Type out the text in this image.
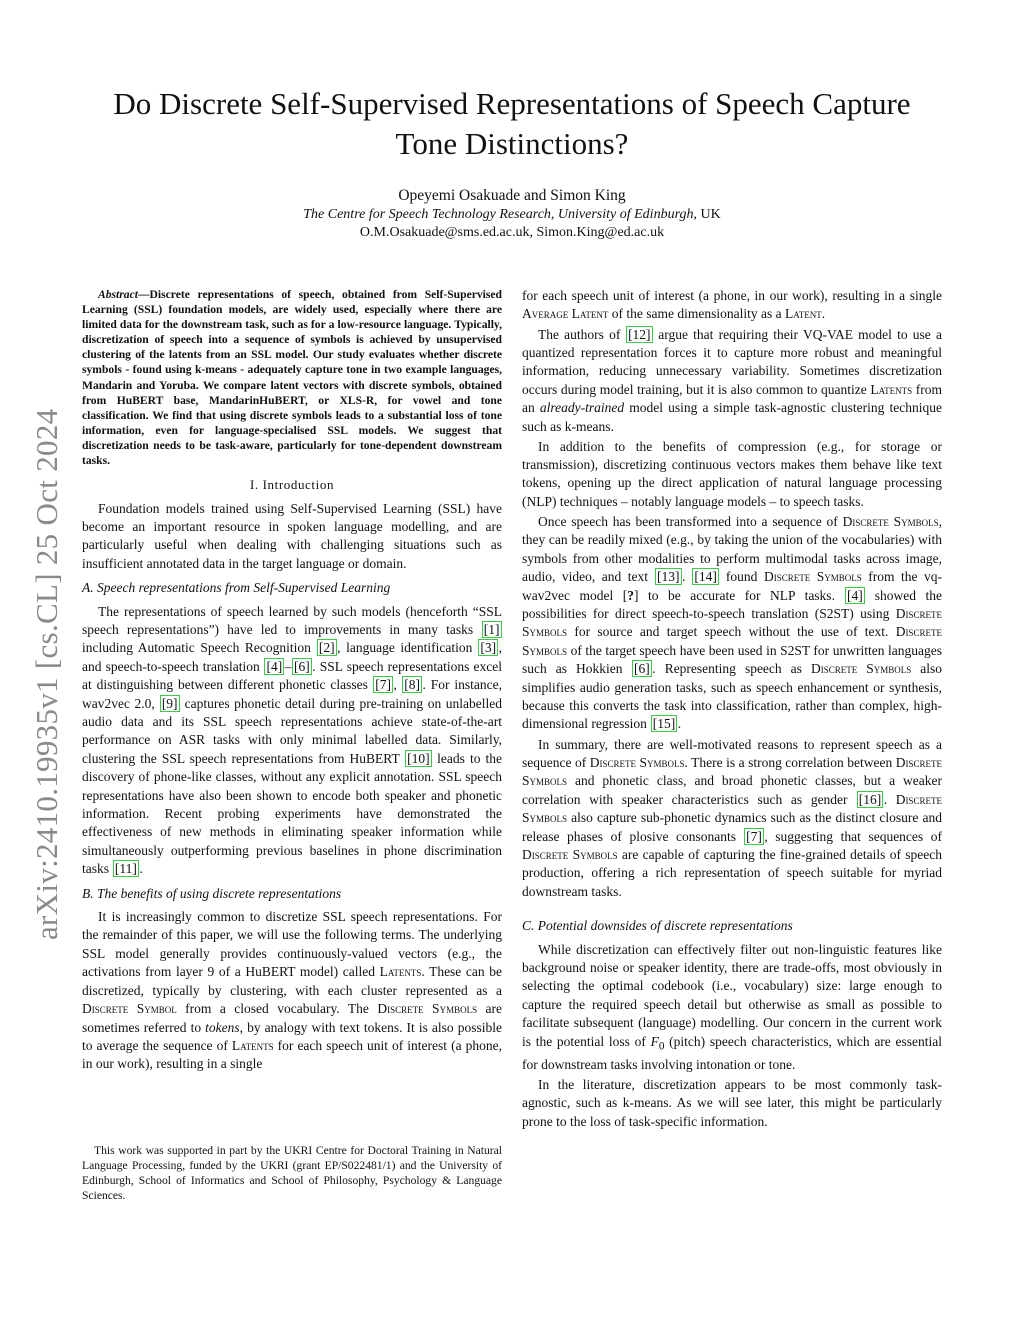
arXiv:2410.19935v1 [cs.CL] 25 Oct 2024
Do Discrete Self-Supervised Representations of Speech Capture Tone Distinctions?
Opeyemi Osakuade and Simon King
The Centre for Speech Technology Research, University of Edinburgh, UK
O.M.Osakuade@sms.ed.ac.uk, Simon.King@ed.ac.uk

Abstract—Discrete representations of speech, obtained from Self-Supervised Learning (SSL) foundation models, are widely used, especially where there are limited data for the downstream task, such as for a low-resource language. Typically, discretization of speech into a sequence of symbols is achieved by unsupervised clustering of the latents from an SSL model. Our study evaluates whether discrete symbols - found using k-means - adequately capture tone in two example languages, Mandarin and Yoruba. We compare latent vectors with discrete symbols, obtained from HuBERT base, MandarinHuBERT, or XLS-R, for vowel and tone classification. We find that using discrete symbols leads to a substantial loss of tone information, even for language-specialised SSL models. We suggest that discretization needs to be task-aware, particularly for tone-dependent downstream tasks.

I. Introduction

Foundation models trained using Self-Supervised Learning (SSL) have become an important resource in spoken language modelling, and are particularly useful when dealing with challenging situations such as insufficient annotated data in the target language or domain.

A. Speech representations from Self-Supervised Learning

The representations of speech learned by such models (henceforth “SSL speech representations”) have led to improvements in many tasks [1] including Automatic Speech Recognition [2] , language identification [3] , and speech-to-speech translation [4] – [6] . SSL speech representations excel at distinguishing between different phonetic classes [7] , [8] . For instance, wav2vec 2.0, [9] captures phonetic detail during pre-training on unlabelled audio data and its SSL speech representations achieve state-of-the-art performance on ASR tasks with only minimal labelled data. Similarly, clustering the SSL speech representations from HuBERT [10] leads to the discovery of phone-like classes, without any explicit annotation. SSL speech representations have also been shown to encode both speaker and phonetic information. Recent probing experiments have demonstrated the effectiveness of new methods in eliminating speaker information while simultaneously outperforming previous baselines in phone discrimination tasks [11] .

B. The benefits of using discrete representations

It is increasingly common to discretize SSL speech representations. For the remainder of this paper, we will use the following terms. The underlying SSL model generally provides continuously-valued vectors (e.g., the activations from layer 9 of a HuBERT model) called Latents. These can be discretized, typically by clustering, with each cluster represented as a Discrete Symbol from a closed vocabulary. The Discrete Symbols are sometimes referred to tokens, by analogy with text tokens. It is also possible to average the sequence of Latents for each speech unit of interest (a phone, in our work), resulting in a single

This work was supported in part by the UKRI Centre for Doctoral Training in Natural Language Processing, funded by the UKRI (grant EP/S022481/1) and the University of Edinburgh, School of Informatics and School of Philosophy, Psychology & Language Sciences.

for each speech unit of interest (a phone, in our work), resulting in a single Average Latent of the same dimensionality as a Latent.

The authors of [12] argue that requiring their VQ-VAE model to use a quantized representation forces it to capture more robust and meaningful information, reducing unnecessary variability. Sometimes discretization occurs during model training, but it is also common to quantize Latents from an already-trained model using a simple task-agnostic clustering technique such as k-means.

In addition to the benefits of compression (e.g., for storage or transmission), discretizing continuous vectors makes them behave like text tokens, opening up the direct application of natural language processing (NLP) techniques – notably language models – to speech tasks.

Once speech has been transformed into a sequence of Discrete Symbols, they can be readily mixed (e.g., by taking the union of the vocabularies) with symbols from other modalities to perform multimodal tasks across image, audio, video, and text [13] . [14] found Discrete Symbols from the vq-wav2vec model [?] to be accurate for NLP tasks. [4] showed the possibilities for direct speech-to-speech translation (S2ST) using Discrete Symbols for source and target speech without the use of text. Discrete Symbols of the target speech have been used in S2ST for unwritten languages such as Hokkien [6] . Representing speech as Discrete Symbols also simplifies audio generation tasks, such as speech enhancement or synthesis, because this converts the task into classification, rather than complex, high-dimensional regression [15] .

In summary, there are well-motivated reasons to represent speech as a sequence of Discrete Symbols. There is a strong correlation between Discrete Symbols and phonetic class, and broad phonetic classes, but a weaker correlation with speaker characteristics such as gender [16] . Discrete Symbols also capture sub-phonetic dynamics such as the distinct closure and release phases of plosive consonants [7] , suggesting that sequences of Discrete Symbols are capable of capturing the fine-grained details of speech production, offering a rich representation of speech suitable for myriad downstream tasks.

C. Potential downsides of discrete representations

While discretization can effectively filter out non-linguistic features like background noise or speaker identity, there are trade-offs, most obviously in selecting the optimal codebook (i.e., vocabulary) size: large enough to capture the required speech detail but otherwise as small as possible to facilitate subsequent (language) modelling. Our concern in the current work is the potential loss of $F_0$ (pitch) speech characteristics, which are essential for downstream tasks involving intonation or tone.

In the literature, discretization appears to be most commonly task-agnostic, such as k-means. As we will see later, this might be particularly prone to the loss of task-specific information.
